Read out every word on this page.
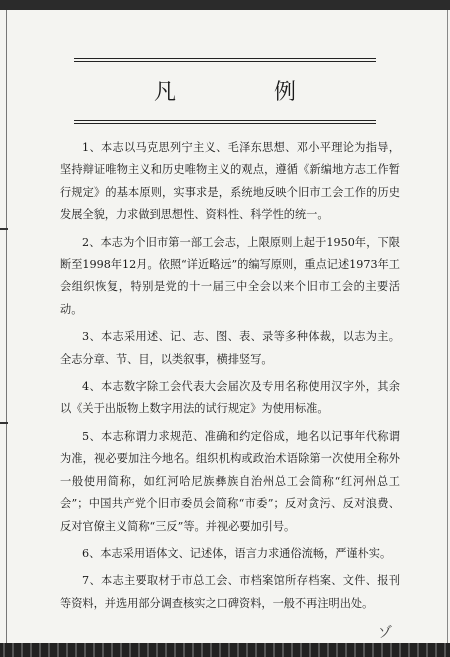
凡　例

1、本志以马克思列宁主义、毛泽东思想、邓小平理论为指导，坚持辩证唯物主义和历史唯物主义的观点，遵循《新编地方志工作暂行规定》的基本原则，实事求是，系统地反映个旧市工会工作的历史发展全貌，力求做到思想性、资料性、科学性的统一。

2、本志为个旧市第一部工会志，上限原则上起于1950年，下限断至1998年12月。依照“详近略远”的编写原则，重点记述1973年工会组织恢复，特别是党的十一届三中全会以来个旧市工会的主要活动。

3、本志采用述、记、志、图、表、录等多种体裁，以志为主。全志分章、节、目，以类叙事，横排竖写。

4、本志数字除工会代表大会届次及专用名称使用汉字外，其余以《关于出版物上数字用法的试行规定》为使用标准。

5、本志称谓力求规范、准确和约定俗成，地名以记事年代称谓为准，视必要加注今地名。组织机构或政治术语除第一次使用全称外一般使用简称，如红河哈尼族彝族自治州总工会简称“红河州总工会”；中国共产党个旧市委员会简称“市委”；反对贪污、反对浪费、反对官僚主义简称“三反”等。并视必要加引号。

6、本志采用语体文、记述体，语言力求通俗流畅，严谨朴实。

7、本志主要取材于市总工会、市档案馆所存档案、文件、报刊等资料，并选用部分调查核实之口碑资料，一般不再注明出处。

ゾ
